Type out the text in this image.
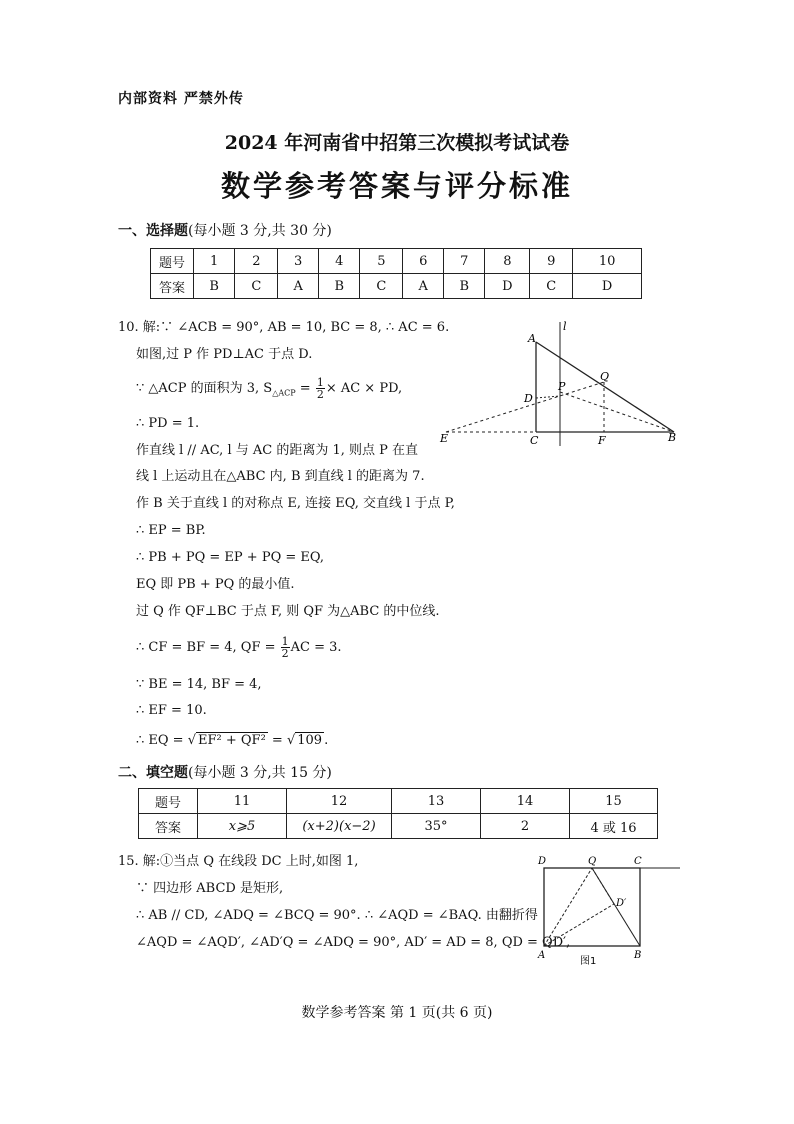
内部资料 严禁外传
2024 年河南省中招第三次模拟考试试卷
数学参考答案与评分标准
一、选择题(每小题 3 分,共 30 分)
题号	1	2	3	4	5	6	7	8	9	10
答案	B	C	A	B	C	A	B	D	C	D
10. 解:∵ ∠ACB = 90°, AB = 10, BC = 8, ∴ AC = 6.
如图,过 P 作 PD⊥AC 于点 D.
∵ △ACP 的面积为 3, $S_{\triangle ACP} = \frac{1}{2}$ × AC × PD,
∴ PD = 1.
作直线 l // AC, l 与 AC 的距离为 1, 则点 P 在直
线 l 上运动且在△ABC 内, B 到直线 l 的距离为 7.
作 B 关于直线 l 的对称点 E, 连接 EQ, 交直线 l 于点 P,
∴ EP = BP.
∴ PB + PQ = EP + PQ = EQ,
EQ 即 PB + PQ 的最小值.
过 Q 作 QF⊥BC 于点 F, 则 QF 为△ABC 的中位线.
∴ CF = BF = 4, QF = $\frac{1}{2}$ AC = 3.
∵ BE = 14, BF = 4,
∴ EF = 10.
∴ EQ = √ EF² + QF² = √ 109 .
A
l
Q
P
D
E	C	F	B
二、填空题(每小题 3 分,共 15 分)
题号	11	12	13	14	15
答案	x⩾5	(x+2)(x−2)	35°	2	4 或 16
15. 解:①当点 Q 在线段 DC 上时,如图 1,
∵ 四边形 ABCD 是矩形,
∴ AB // CD, ∠ADQ = ∠BCQ = 90°. ∴ ∠AQD = ∠BAQ. 由翻折得
∠AQD = ∠AQD′, ∠AD′Q = ∠ADQ = 90°, AD′ = AD = 8, QD = QD′,
D	Q	C
D′
A	B
图1
数学参考答案 第 1 页(共 6 页)
